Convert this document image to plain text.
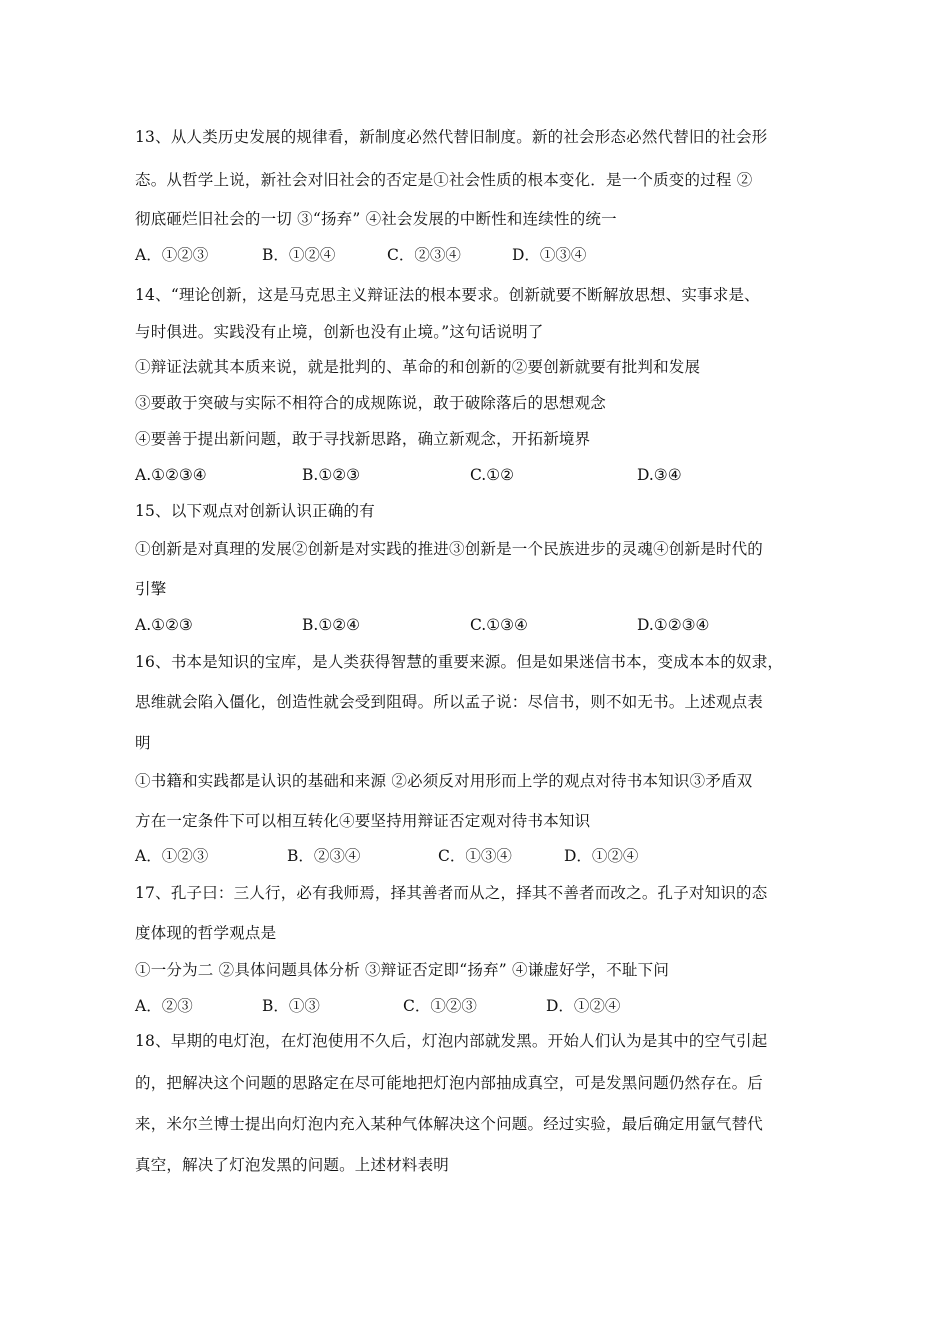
13、从人类历史发展的规律看，新制度必然代替旧制度。新的社会形态必然代替旧的社会形
态。从哲学上说，新社会对旧社会的否定是①社会性质的根本变化．是一个质变的过程 ②
彻底砸烂旧社会的一切 ③“扬弃” ④社会发展的中断性和连续性的统一
A．①②③	B．①②④	C．②③④	D．①③④
14、“理论创新，这是马克思主义辩证法的根本要求。创新就要不断解放思想、实事求是、
与时俱进。实践没有止境，创新也没有止境。”这句话说明了
①辩证法就其本质来说，就是批判的、革命的和创新的②要创新就要有批判和发展
③要敢于突破与实际不相符合的成规陈说，敢于破除落后的思想观念
④要善于提出新问题，敢于寻找新思路，确立新观念，开拓新境界
A.①②③④	B.①②③	C.①②	D.③④
15、以下观点对创新认识正确的有
①创新是对真理的发展②创新是对实践的推进③创新是一个民族进步的灵魂④创新是时代的
引擎
A.①②③	B.①②④	C.①③④	D.①②③④
16、书本是知识的宝库，是人类获得智慧的重要来源。但是如果迷信书本，变成本本的奴隶，
思维就会陷入僵化，创造性就会受到阻碍。所以孟子说：尽信书，则不如无书。上述观点表
明
①书籍和实践都是认识的基础和来源 ②必须反对用形而上学的观点对待书本知识③矛盾双
方在一定条件下可以相互转化④要坚持用辩证否定观对待书本知识
A．①②③	B．②③④	C．①③④	D．①②④
17、孔子曰：三人行，必有我师焉，择其善者而从之，择其不善者而改之。孔子对知识的态
度体现的哲学观点是
①一分为二 ②具体问题具体分析 ③辩证否定即“扬弃” ④谦虚好学，不耻下问
A．②③	B．①③	C．①②③	D．①②④
18、早期的电灯泡，在灯泡使用不久后，灯泡内部就发黑。开始人们认为是其中的空气引起
的，把解决这个问题的思路定在尽可能地把灯泡内部抽成真空，可是发黑问题仍然存在。后
来，米尔兰博士提出向灯泡内充入某种气体解决这个问题。经过实验，最后确定用氩气替代
真空，解决了灯泡发黑的问题。上述材料表明
